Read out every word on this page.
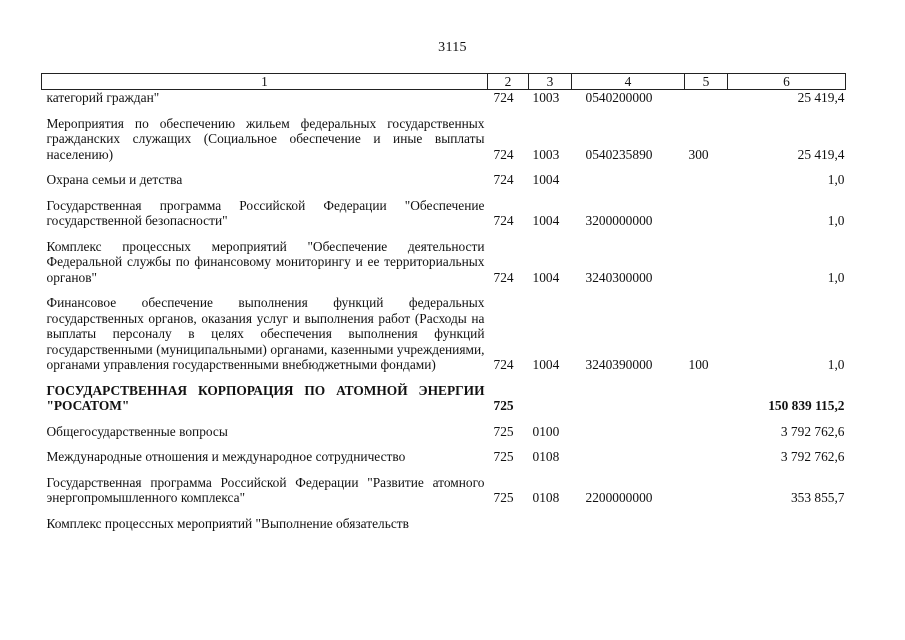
3115
1	2	3	4	5	6
категорий граждан"	724	1003	0540200000		25 419,4

Мероприятия по обеспечению жильем федеральных государственных гражданских служащих (Социальное обеспечение и иные выплаты населению)	724	1003	0540235890	300	25 419,4

Охрана семьи и детства	724	1004			1,0

Государственная программа Российской Федерации "Обеспечение государственной безопасности"	724	1004	3200000000		1,0

Комплекс процессных мероприятий "Обеспечение деятельности Федеральной службы по финансовому мониторингу и ее территориальных органов"	724	1004	3240300000		1,0

Финансовое обеспечение выполнения функций федеральных государственных органов, оказания услуг и выполнения работ (Расходы на выплаты персоналу в целях обеспечения выполнения функций государственными (муниципальными) органами, казенными учреждениями, органами управления государственными внебюджетными фондами)	724	1004	3240390000	100	1,0

ГОСУДАРСТВЕННАЯ КОРПОРАЦИЯ ПО АТОМНОЙ ЭНЕРГИИ "РОСАТОМ"	725				150 839 115,2

Общегосударственные вопросы	725	0100			3 792 762,6

Международные отношения и международное сотрудничество	725	0108			3 792 762,6

Государственная программа Российской Федерации "Развитие атомного энергопромышленного комплекса"	725	0108	2200000000		353 855,7

Комплекс процессных мероприятий "Выполнение обязательств					
